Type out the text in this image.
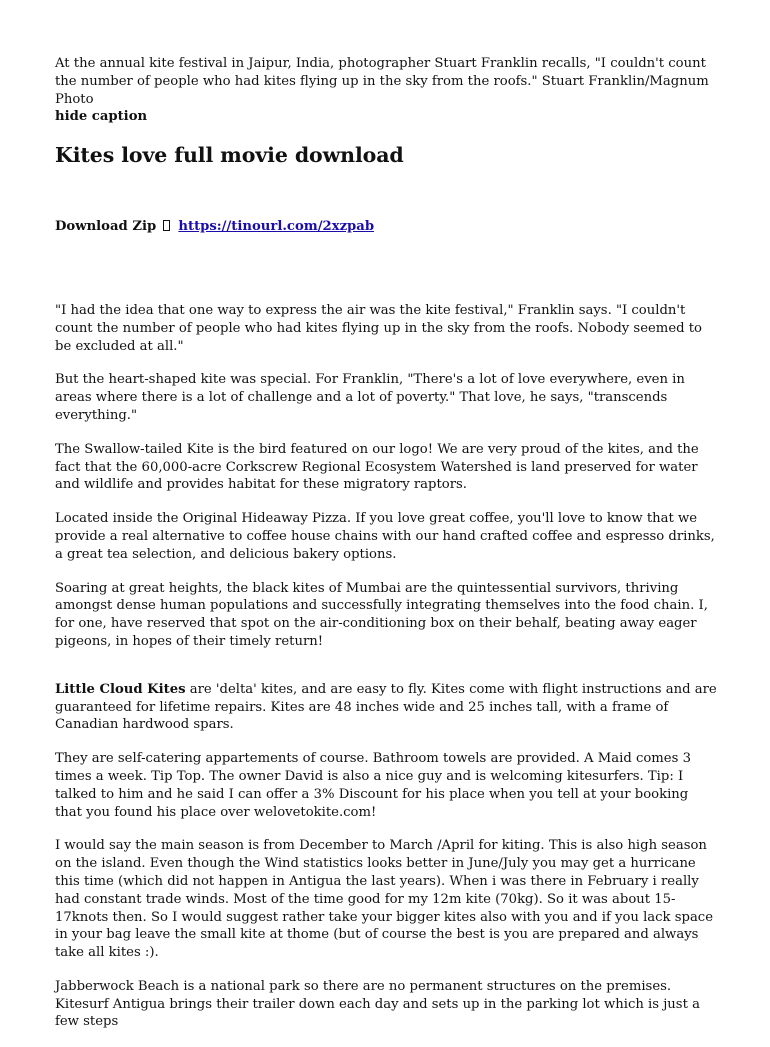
At the annual kite festival in Jaipur, India, photographer Stuart Franklin recalls, "I couldn't count the number of people who had kites flying up in the sky from the roofs." Stuart Franklin/Magnum Photo

hide caption
Kites love full movie download
Download Zip https://tinourl.com/2xzpab

"I had the idea that one way to express the air was the kite festival," Franklin says. "I couldn't count the number of people who had kites flying up in the sky from the roofs. Nobody seemed to be excluded at all."

But the heart-shaped kite was special. For Franklin, "There's a lot of love everywhere, even in areas where there is a lot of challenge and a lot of poverty." That love, he says, "transcends everything."

The Swallow-tailed Kite is the bird featured on our logo! We are very proud of the kites, and the fact that the 60,000-acre Corkscrew Regional Ecosystem Watershed is land preserved for water and wildlife and provides habitat for these migratory raptors.

Located inside the Original Hideaway Pizza. If you love great coffee, you'll love to know that we provide a real alternative to coffee house chains with our hand crafted coffee and espresso drinks, a great tea selection, and delicious bakery options.

Soaring at great heights, the black kites of Mumbai are the quintessential survivors, thriving amongst dense human populations and successfully integrating themselves into the food chain. I, for one, have reserved that spot on the air-conditioning box on their behalf, beating away eager pigeons, in hopes of their timely return!

Little Cloud Kites are 'delta' kites, and are easy to fly. Kites come with flight instructions and are guaranteed for lifetime repairs. Kites are 48 inches wide and 25 inches tall, with a frame of Canadian hardwood spars.

They are self-catering appartements of course. Bathroom towels are provided. A Maid comes 3 times a week. Tip Top. The owner David is also a nice guy and is welcoming kitesurfers. Tip: I talked to him and he said I can offer a 3% Discount for his place when you tell at your booking that you found his place over welovetokite.com!

I would say the main season is from December to March /April for kiting. This is also high season on the island. Even though the Wind statistics looks better in June/July you may get a hurricane this time (which did not happen in Antigua the last years). When i was there in February i really had constant trade winds. Most of the time good for my 12m kite (70kg). So it was about 15-17knots then. So I would suggest rather take your bigger kites also with you and if you lack space in your bag leave the small kite at thome (but of course the best is you are prepared and always take all kites :).

Jabberwock Beach is a national park so there are no permanent structures on the premises. Kitesurf Antigua brings their trailer down each day and sets up in the parking lot which is just a few steps
